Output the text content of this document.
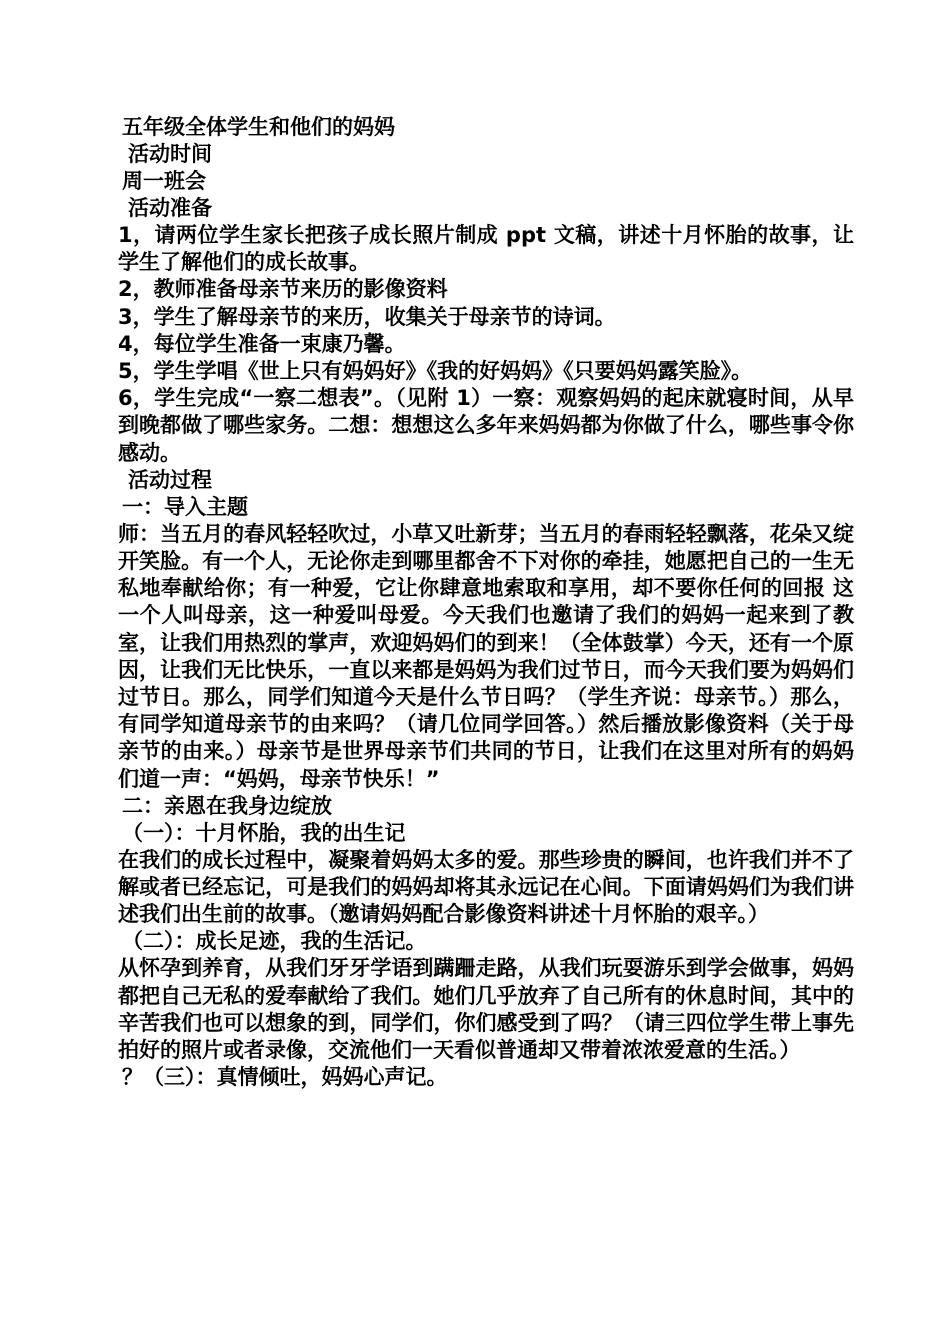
五年级全体学生和他们的妈妈
活动时间
周一班会
活动准备
1，请两位学生家长把孩子成长照片制成 ppt 文稿，讲述十月怀胎的故事，让学生了解他们的成长故事。
2，教师准备母亲节来历的影像资料
3，学生了解母亲节的来历，收集关于母亲节的诗词。
4，每位学生准备一束康乃馨。
5，学生学唱《世上只有妈妈好》《我的好妈妈》《只要妈妈露笑脸》。
6，学生完成“一察二想表”。（见附 1）一察：观察妈妈的起床就寝时间，从早到晚都做了哪些家务。二想：想想这么多年来妈妈都为你做了什么，哪些事令你感动。
活动过程
一：导入主题
师：当五月的春风轻轻吹过，小草又吐新芽；当五月的春雨轻轻飘落，花朵又绽开笑脸。有一个人，无论你走到哪里都舍不下对你的牵挂，她愿把自己的一生无私地奉献给你；有一种爱，它让你肆意地索取和享用，却不要你任何的回报 这一个人叫母亲，这一种爱叫母爱。今天我们也邀请了我们的妈妈一起来到了教室，让我们用热烈的掌声，欢迎妈妈们的到来！（全体鼓掌）今天，还有一个原因，让我们无比快乐，一直以来都是妈妈为我们过节日，而今天我们要为妈妈们过节日。那么，同学们知道今天是什么节日吗？（学生齐说：母亲节。）那么，有同学知道母亲节的由来吗？（请几位同学回答。）然后播放影像资料（关于母亲节的由来。）母亲节是世界母亲节们共同的节日，让我们在这里对所有的妈妈们道一声：“妈妈，母亲节快乐！”
二：亲恩在我身边绽放
（一）：十月怀胎，我的出生记
在我们的成长过程中，凝聚着妈妈太多的爱。那些珍贵的瞬间，也许我们并不了解或者已经忘记，可是我们的妈妈却将其永远记在心间。下面请妈妈们为我们讲述我们出生前的故事。（邀请妈妈配合影像资料讲述十月怀胎的艰辛。）
（二）：成长足迹，我的生活记。
从怀孕到养育，从我们牙牙学语到蹒跚走路，从我们玩耍游乐到学会做事，妈妈都把自己无私的爱奉献给了我们。她们几乎放弃了自己所有的休息时间，其中的辛苦我们也可以想象的到，同学们，你们感受到了吗？（请三四位学生带上事先拍好的照片或者录像，交流他们一天看似普通却又带着浓浓爱意的生活。）
？（三）：真情倾吐，妈妈心声记。
